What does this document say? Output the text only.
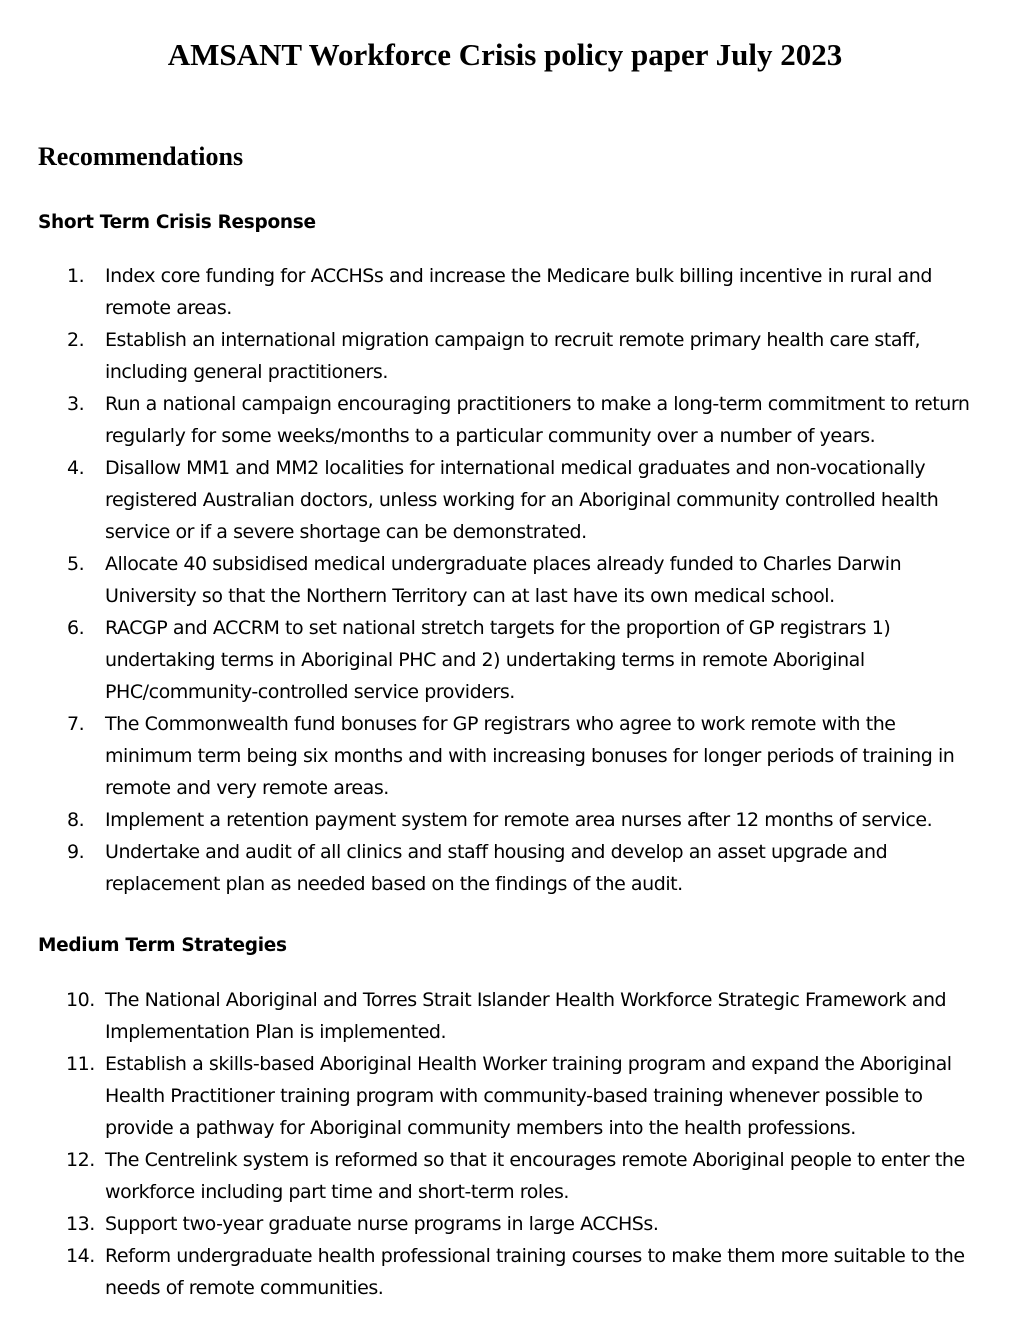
AMSANT Workforce Crisis policy paper July 2023
Recommendations
Short Term Crisis Response
1.	Index core funding for ACCHSs and increase the Medicare bulk billing incentive in rural and remote areas.
2.	Establish an international migration campaign to recruit remote primary health care staff, including general practitioners.
3.	Run a national campaign encouraging practitioners to make a long-term commitment to return regularly for some weeks/months to a particular community over a number of years.
4.	Disallow MM1 and MM2 localities for international medical graduates and non-vocationally registered Australian doctors, unless working for an Aboriginal community controlled health service or if a severe shortage can be demonstrated.
5.	Allocate 40 subsidised medical undergraduate places already funded to Charles Darwin University so that the Northern Territory can at last have its own medical school.
6.	RACGP and ACCRM to set national stretch targets for the proportion of GP registrars 1) undertaking terms in Aboriginal PHC and 2) undertaking terms in remote Aboriginal PHC/community-controlled service providers.
7.	The Commonwealth fund bonuses for GP registrars who agree to work remote with the minimum term being six months and with increasing bonuses for longer periods of training in remote and very remote areas.
8.	Implement a retention payment system for remote area nurses after 12 months of service.
9.	Undertake and audit of all clinics and staff housing and develop an asset upgrade and replacement plan as needed based on the findings of the audit.
Medium Term Strategies
10. The National Aboriginal and Torres Strait Islander Health Workforce Strategic Framework and Implementation Plan is implemented.
11. Establish a skills-based Aboriginal Health Worker training program and expand the Aboriginal Health Practitioner training program with community-based training whenever possible to provide a pathway for Aboriginal community members into the health professions.
12. The Centrelink system is reformed so that it encourages remote Aboriginal people to enter the workforce including part time and short-term roles.
13. Support two-year graduate nurse programs in large ACCHSs.
14. Reform undergraduate health professional training courses to make them more suitable to the needs of remote communities.
